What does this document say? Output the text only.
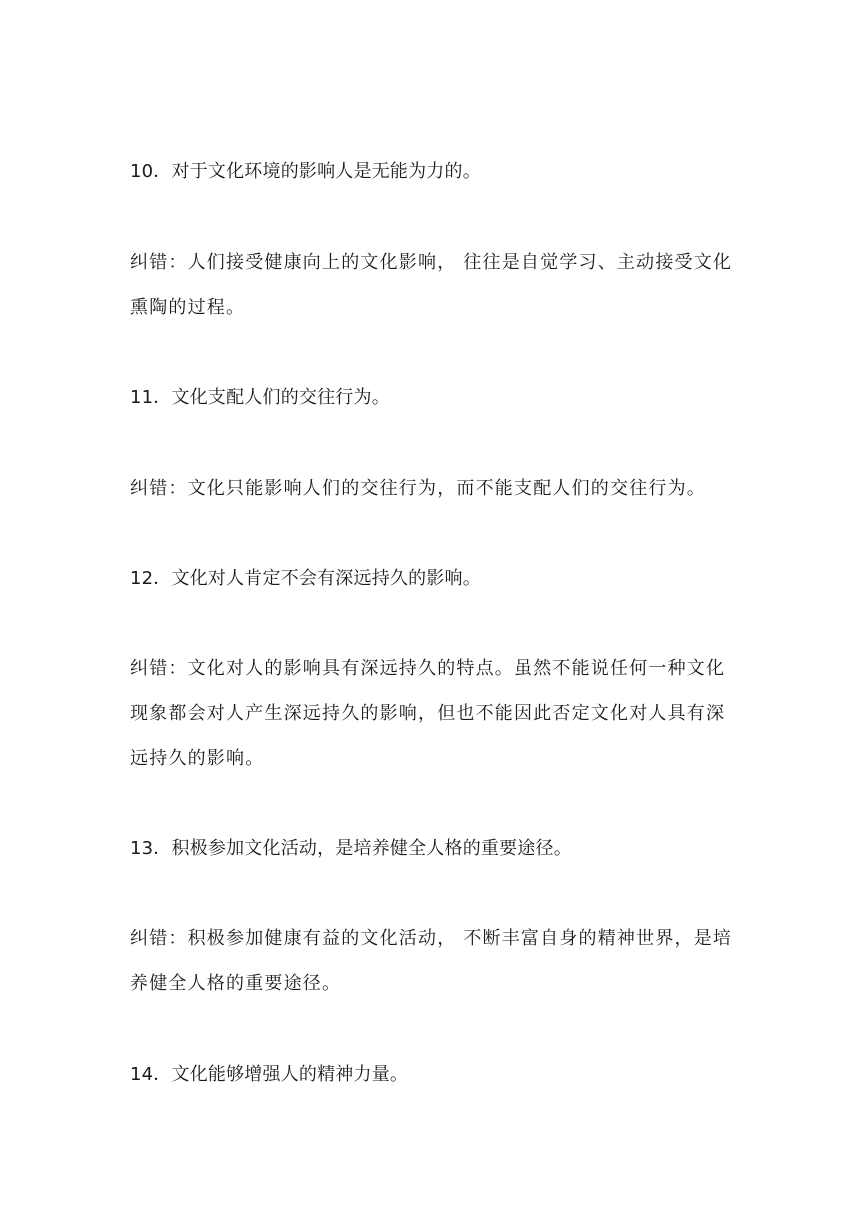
10．对于文化环境的影响人是无能为力的。
纠错：人们接受健康向上的文化影响， 往往是自觉学习、主动接受文化
熏陶的过程。
11．文化支配人们的交往行为。
纠错：文化只能影响人们的交往行为，而不能支配人们的交往行为。
12．文化对人肯定不会有深远持久的影响。
纠错：文化对人的影响具有深远持久的特点。虽然不能说任何一种文化
现象都会对人产生深远持久的影响，但也不能因此否定文化对人具有深
远持久的影响。
13．积极参加文化活动，是培养健全人格的重要途径。
纠错：积极参加健康有益的文化活动， 不断丰富自身的精神世界，是培
养健全人格的重要途径。
14．文化能够增强人的精神力量。
